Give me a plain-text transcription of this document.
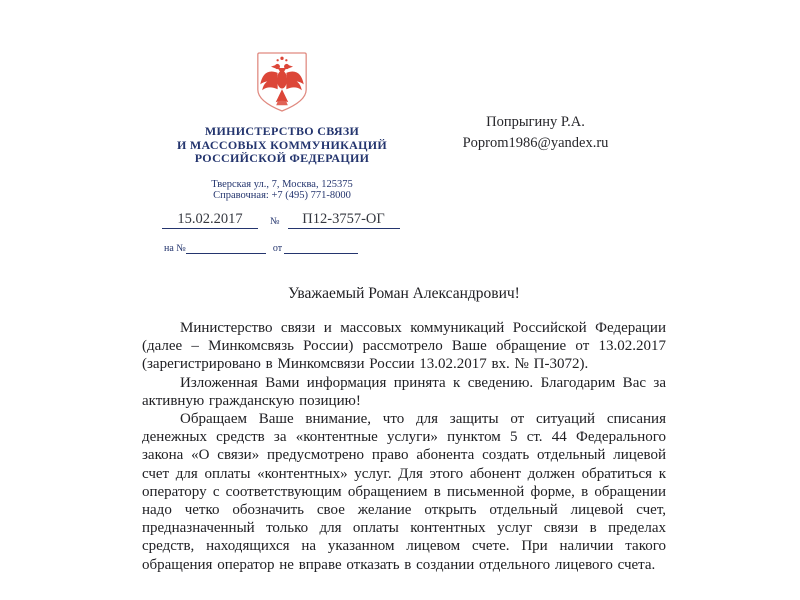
МИНИСТЕРСТВО СВЯЗИ
И МАССОВЫХ КОММУНИКАЦИЙ
РОССИЙСКОЙ ФЕДЕРАЦИИ
Тверская ул., 7, Москва, 125375
Справочная: +7 (495) 771-8000
15.02.2017	№	П12-3757-ОГ
на №	от
Попрыгину Р.А.
Poprom1986@yandex.ru
Уважаемый Роман Александрович!

Министерство связи и массовых коммуникаций Российской Федерации (далее – Минкомсвязь России) рассмотрело Ваше обращение от 13.02.2017 (зарегистрировано в Минкомсвязи России 13.02.2017 вх. № П-3072).

Изложенная Вами информация принята к сведению. Благодарим Вас за активную гражданскую позицию!

Обращаем Ваше внимание, что для защиты от ситуаций списания денежных средств за «контентные услуги» пунктом 5 ст. 44 Федерального закона «О связи» предусмотрено право абонента создать отдельный лицевой счет для оплаты «контентных» услуг. Для этого абонент должен обратиться к оператору с соответствующим обращением в письменной форме, в обращении надо четко обозначить свое желание открыть отдельный лицевой счет, предназначенный только для оплаты контентных услуг связи в пределах средств, находящихся на указанном лицевом счете. При наличии такого обращения оператор не вправе отказать в создании отдельного лицевого счета.
